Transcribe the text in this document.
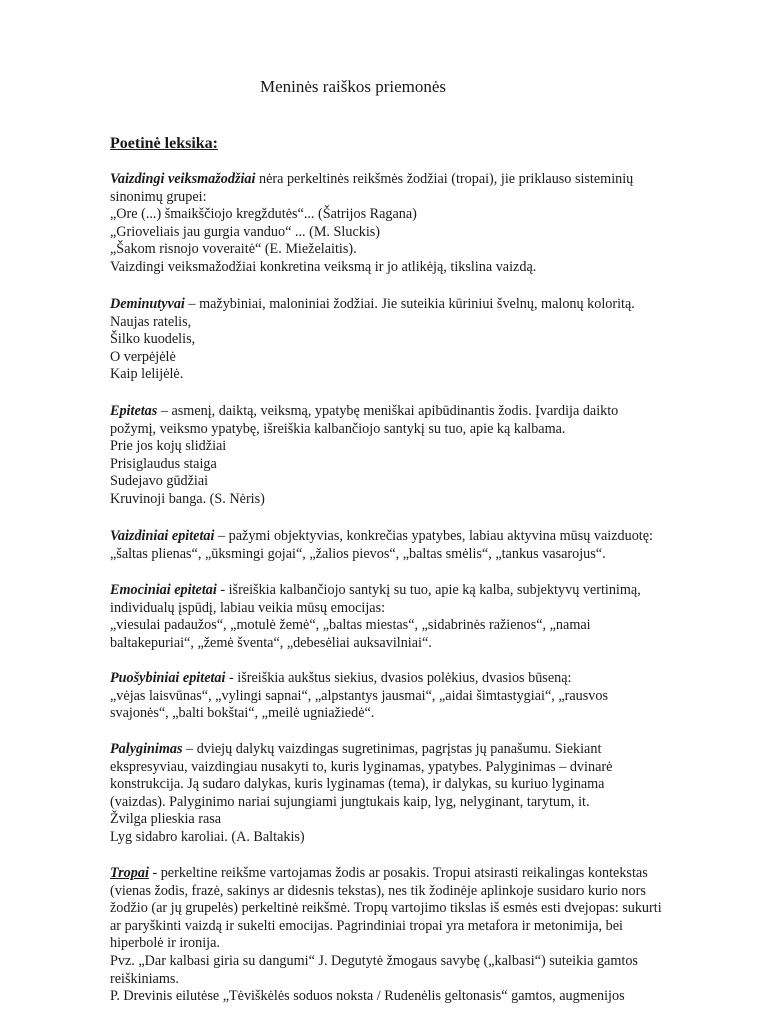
Meninės raiškos priemonės
Poetinė leksika:
Vaizdingi veiksmažodžiai nėra perkeltinės reikšmės žodžiai (tropai), jie priklauso sisteminių
sinonimų grupei:
„Ore (...) šmaikščiojo kregždutės“... (Šatrijos Ragana)
„Grioveliais jau gurgia vanduo“ ... (M. Sluckis)
„Šakom risnojo voveraitė“ (E. Mieželaitis).
Vaizdingi veiksmažodžiai konkretina veiksmą ir jo atlikėją, tikslina vaizdą.
Deminutyvai – mažybiniai, maloniniai žodžiai. Jie suteikia kūriniui švelnų, malonų koloritą.
Naujas ratelis,
Šilko kuodelis,
O verpėjėlė
Kaip lelijėlė.
Epitetas – asmenį, daiktą, veiksmą, ypatybę meniškai apibūdinantis žodis. Įvardija daikto
požymį, veiksmo ypatybę, išreiškia kalbančiojo santykį su tuo, apie ką kalbama.
Prie jos kojų slidžiai
Prisiglaudus staiga
Sudejavo gūdžiai
Kruvinoji banga. (S. Nėris)
Vaizdiniai epitetai – pažymi objektyvias, konkrečias ypatybes, labiau aktyvina mūsų vaizduotę:
„šaltas plienas“, „ūksmingi gojai“, „žalios pievos“, „baltas smėlis“, „tankus vasarojus“.
Emociniai epitetai - išreiškia kalbančiojo santykį su tuo, apie ką kalba, subjektyvų vertinimą,
individualų įspūdį, labiau veikia mūsų emocijas:
„viesulai padaužos“, „motulė žemė“, „baltas miestas“, „sidabrinės ražienos“, „namai
baltakepuriai“, „žemė šventa“, „debesėliai auksavilniai“.
Puošybiniai epitetai - išreiškia aukštus siekius, dvasios polėkius, dvasios būseną:
„vėjas laisvūnas“, „vylingi sapnai“, „alpstantys jausmai“, „aidai šimtastygiai“, „rausvos
svajonės“, „balti bokštai“, „meilė ugniažiedė“.
Palyginimas – dviejų dalykų vaizdingas sugretinimas, pagrįstas jų panašumu. Siekiant
ekspresyviau, vaizdingiau nusakyti to, kuris lyginamas, ypatybes. Palyginimas – dvinarė
konstrukcija. Ją sudaro dalykas, kuris lyginamas (tema), ir dalykas, su kuriuo lyginama
(vaizdas). Palyginimo nariai sujungiami jungtukais kaip, lyg, nelyginant, tarytum, it.
Žvilga plieskia rasa
Lyg sidabro karoliai. (A. Baltakis)
Tropai - perkeltine reikšme vartojamas žodis ar posakis. Tropui atsirasti reikalingas kontekstas
(vienas žodis, frazė, sakinys ar didesnis tekstas), nes tik žodinėje aplinkoje susidaro kurio nors
žodžio (ar jų grupelės) perkeltinė reikšmė. Tropų vartojimo tikslas iš esmės esti dvejopas: sukurti
ar paryškinti vaizdą ir sukelti emocijas. Pagrindiniai tropai yra metafora ir metonimija, bei
hiperbolė ir ironija.
Pvz. „Dar kalbasi giria su dangumi“ J. Degutytė žmogaus savybę („kalbasi“) suteikia gamtos
reiškiniams.
P. Drevinis eilutėse „Tėviškėlės soduos noksta / Rudenėlis geltonasis“ gamtos, augmenijos
